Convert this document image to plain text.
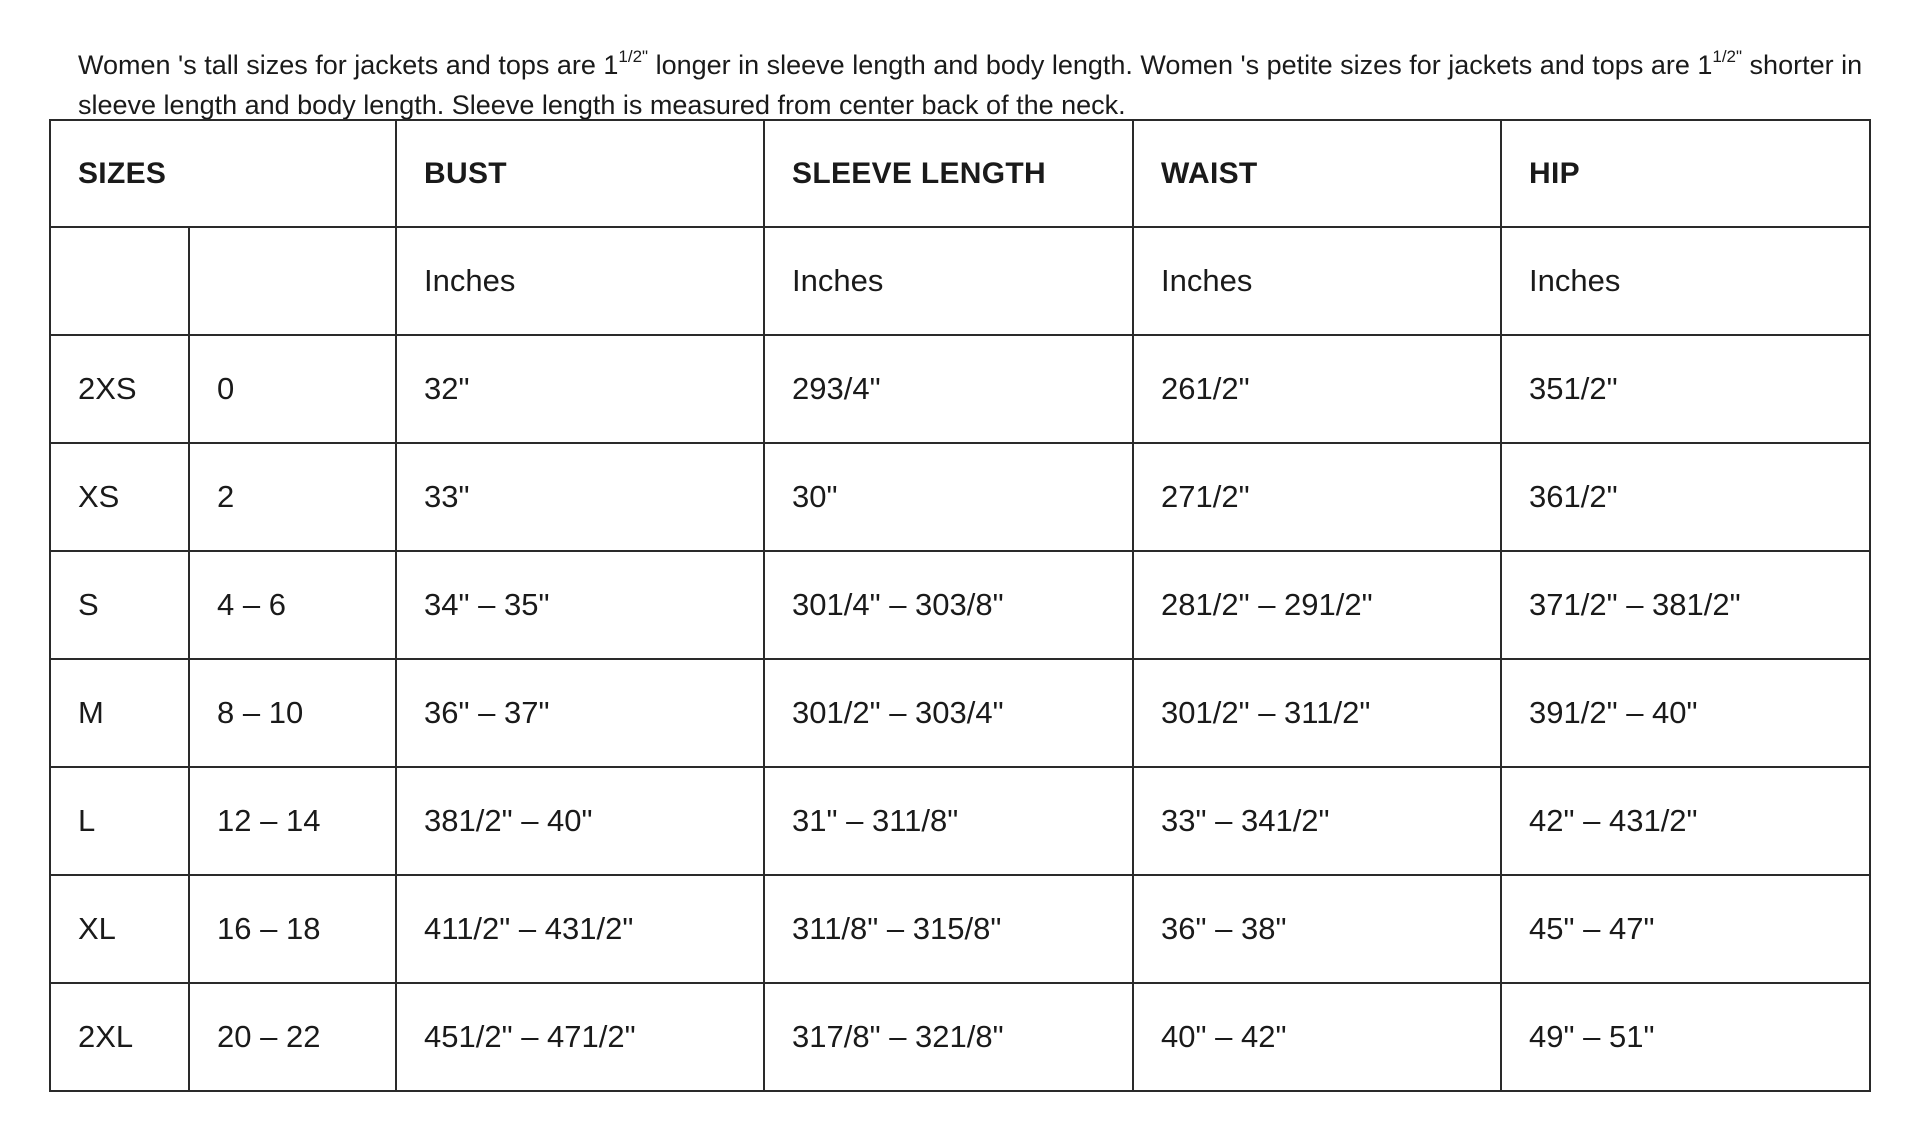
Women 's tall sizes for jackets and tops are $1^{1/2"}$ longer in sleeve length and body length. Women 's petite sizes for jackets and tops are $1^{1/2"}$ shorter in sleeve length and body length. Sleeve length is measured from center back of the neck.

SIZES		BUST	SLEEVE LENGTH	WAIST	HIP
		Inches	Inches	Inches	Inches
2XS	0	32"	293/4"	261/2"	351/2"
XS	2	33"	30"	271/2"	361/2"
S	4 – 6	34" – 35"	301/4" – 303/8"	281/2" – 291/2"	371/2" – 381/2"
M	8 – 10	36" – 37"	301/2" – 303/4"	301/2" – 311/2"	391/2" – 40"
L	12 – 14	381/2" – 40"	31" – 311/8"	33" – 341/2"	42" – 431/2"
XL	16 – 18	411/2" – 431/2"	311/8" – 315/8"	36" – 38"	45" – 47"
2XL	20 – 22	451/2" – 471/2"	317/8" – 321/8"	40" – 42"	49" – 51"
